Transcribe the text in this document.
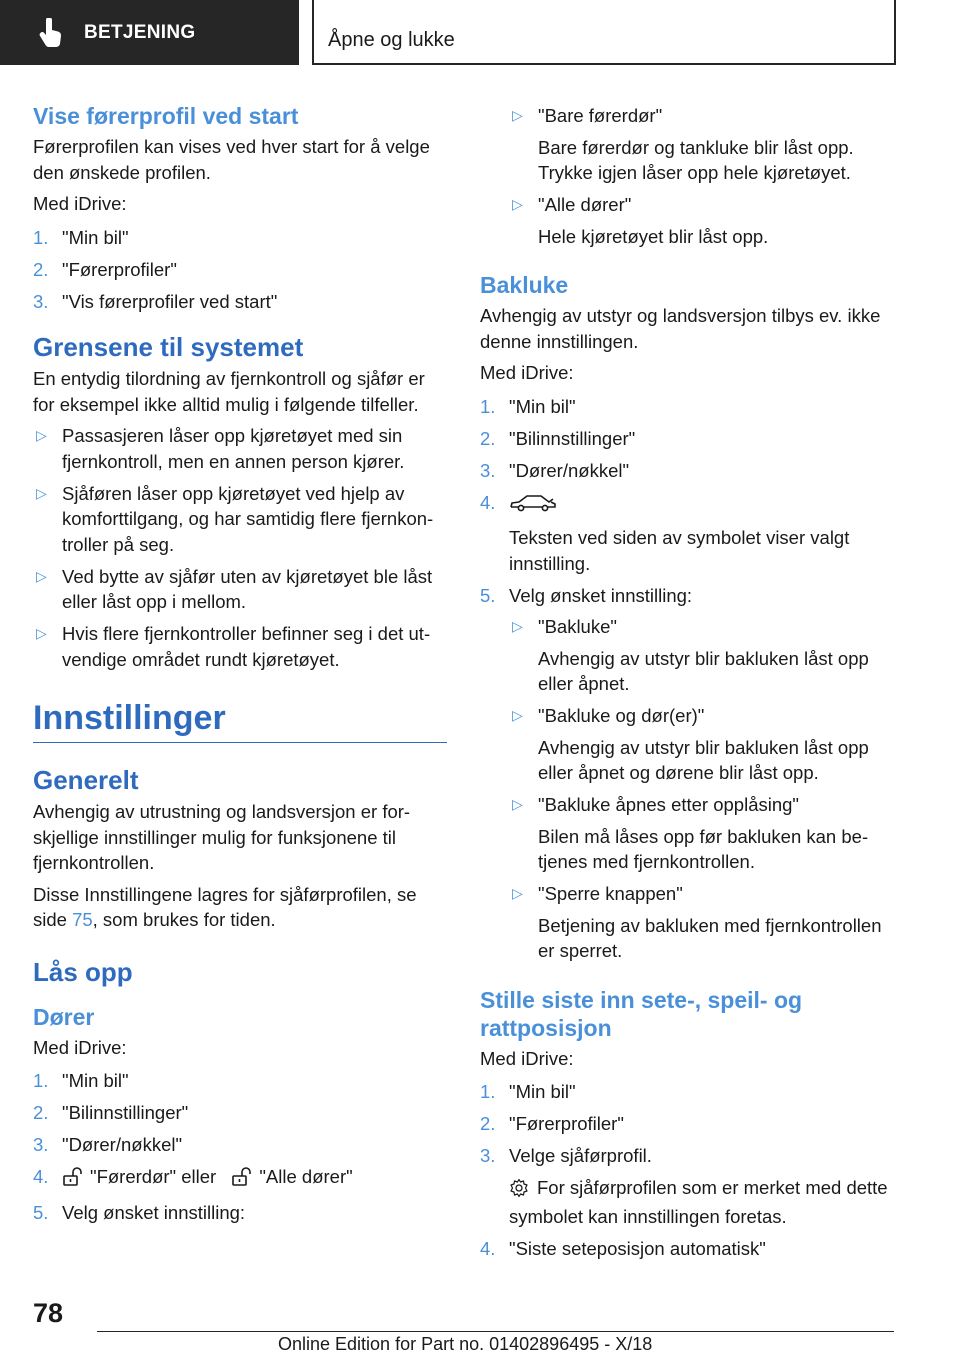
BETJENING	Åpne og lukke
Vise førerprofil ved start

Førerprofilen kan vises ved hver start for å velge den ønskede profilen.

Med iDrive:

1. "Min bil"
2. "Førerprofiler"
3. "Vis førerprofiler ved start"
Grensene til systemet

En entydig tilordning av fjernkontroll og sjåfør er for eksempel ikke alltid mulig i følgende tilfeller.

▷ Passasjeren låser opp kjøretøyet med sin fjernkontroll, men en annen person kjører.
▷ Sjåføren låser opp kjøretøyet ved hjelp av komforttilgang, og har samtidig flere fjernkontroller på seg.
▷ Ved bytte av sjåfør uten av kjøretøyet ble låst eller låst opp i mellom.
▷ Hvis flere fjernkontroller befinner seg i det utvendige området rundt kjøretøyet.
Innstillinger
Generelt

Avhengig av utrustning og landsversjon er forskjellige innstillinger mulig for funksjonene til fjernkontrollen.

Disse Innstillingene lagres for sjåførprofilen, se side 75, som brukes for tiden.

Lås opp
Dører

Med iDrive:

1. "Min bil"
2. "Bilinnstillinger"
3. "Dører/nøkkel"
4. "Førerdør" eller "Alle dører"
5. Velg ønsket innstilling:
▷ "Bare førerdør"
Bare førerdør og tankluke blir låst opp. Trykke igjen låser opp hele kjøretøyet.
▷ "Alle dører"
Hele kjøretøyet blir låst opp.
Bakluke

Avhengig av utstyr og landsversjon tilbys ev. ikke denne innstillingen.

Med iDrive:

1. "Min bil"
2. "Bilinnstillinger"
3. "Dører/nøkkel"
4.
Teksten ved siden av symbolet viser valgt innstilling.
5. Velg ønsket innstilling:
▷ "Bakluke"
Avhengig av utstyr blir bakluken låst opp eller åpnet.
▷ "Bakluke og dør(er)"
Avhengig av utstyr blir bakluken låst opp eller åpnet og dørene blir låst opp.
▷ "Bakluke åpnes etter opplåsing"
Bilen må låses opp før bakluken kan betjenes med fjernkontrollen.
▷ "Sperre knappen"
Betjening av bakluken med fjernkontrollen er sperret.
Stille siste inn sete-, speil- og rattposisjon

Med iDrive:

1. "Min bil"
2. "Førerprofiler"
3. Velge sjåførprofil.
For sjåførprofilen som er merket med dette symbolet kan innstillingen foretas.
4. "Siste seteposisjon automatisk"
78
Online Edition for Part no. 01402896495 - X/18
